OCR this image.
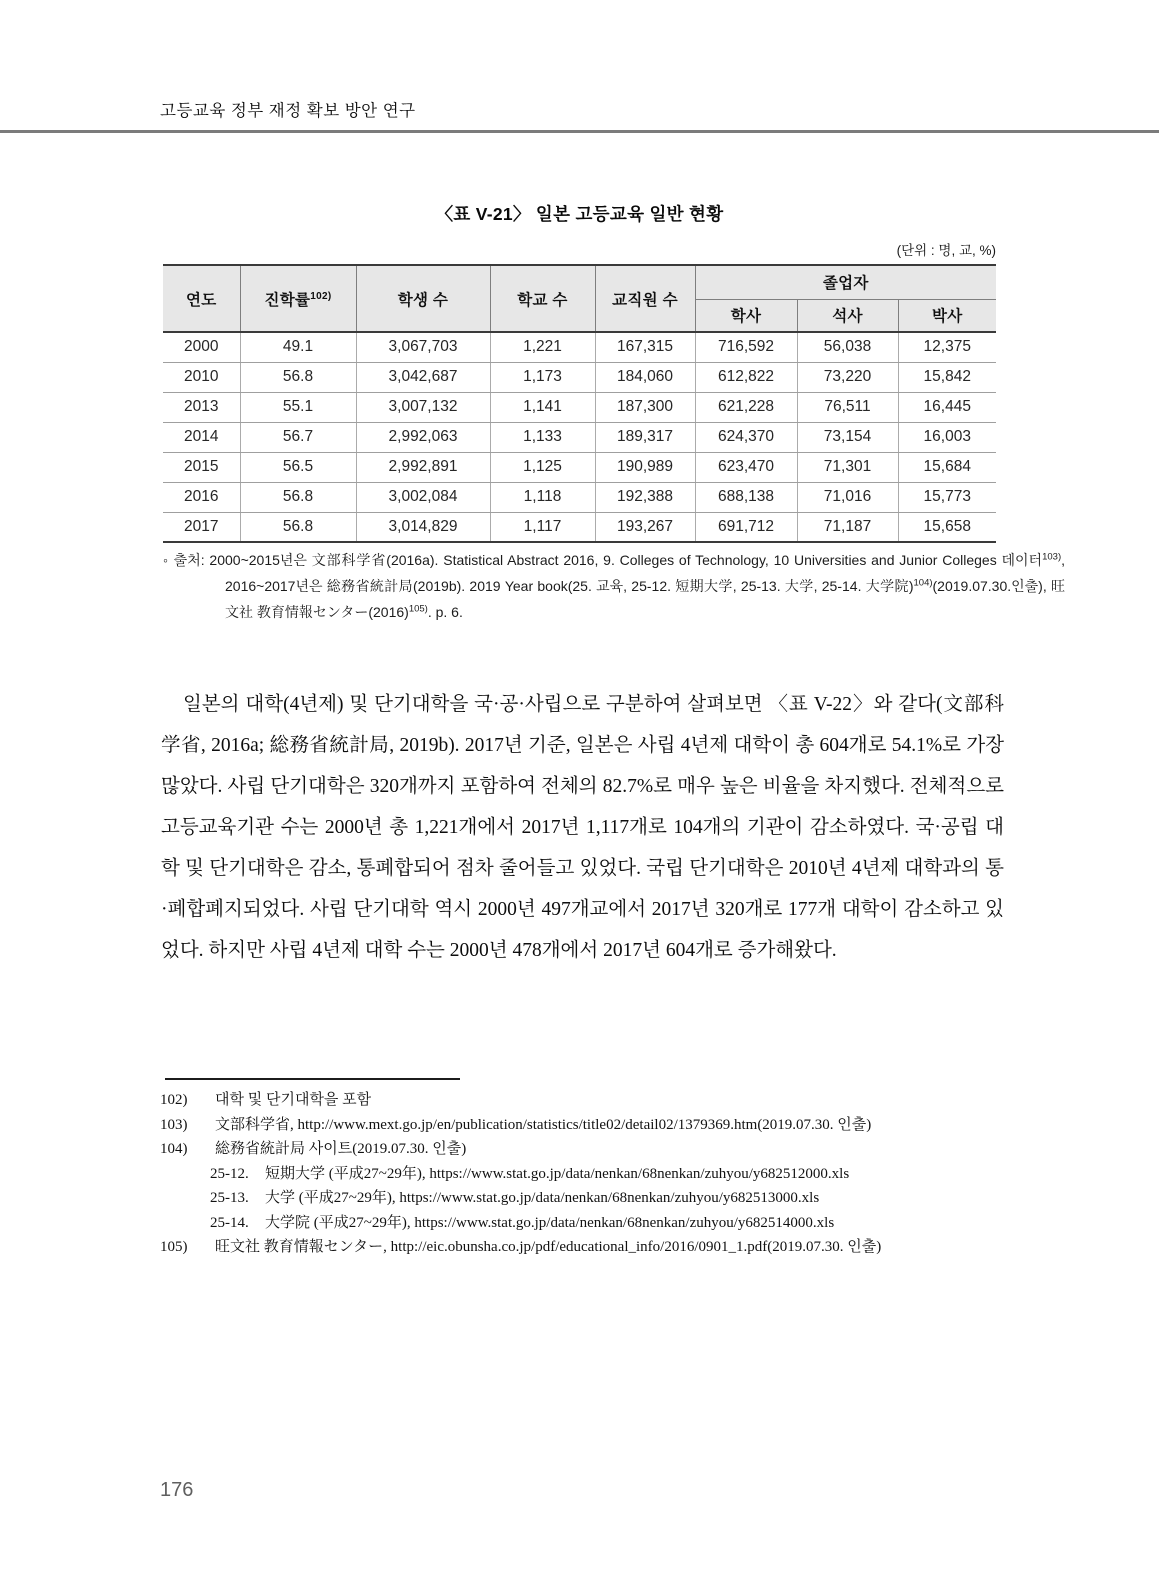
고등교육 정부 재정 확보 방안 연구
〈표 V-21〉 일본 고등교육 일반 현황
(단위 : 명, 교, %)
연도	진학률$^{102)}$	학생 수	학교 수	교직원 수	졸업자		
					학사	석사	박사
2000	49.1	3,067,703	1,221	167,315	716,592	56,038	12,375
2010	56.8	3,042,687	1,173	184,060	612,822	73,220	15,842
2013	55.1	3,007,132	1,141	187,300	621,228	76,511	16,445
2014	56.7	2,992,063	1,133	189,317	624,370	73,154	16,003
2015	56.5	2,992,891	1,125	190,989	623,470	71,301	15,684
2016	56.8	3,002,084	1,118	192,388	688,138	71,016	15,773
2017	56.8	3,014,829	1,117	193,267	691,712	71,187	15,658
◦ 출처: 2000~2015년은 文部科学省(2016a). Statistical Abstract 2016, 9. Colleges of Technology, 10 Universities and Junior Colleges 데이터$^{103)}$, 2016~2017년은 総務省統計局(2019b). 2019 Year book(25. 교육, 25-12. 短期大学, 25-13. 大学, 25-14. 大学院)$^{104)}$(2019.07.30.인출), 旺文社 教育情報センター$(2016)^{105)}$. p. 6.

일본의 대학(4년제) 및 단기대학을 국·공·사립으로 구분하여 살펴보면 〈표 V-22〉와 같다(文部科学省, 2016a; 総務省統計局, 2019b). 2017년 기준, 일본은 사립 4년제 대학이 총 604개로 54.1%로 가장 많았다. 사립 단기대학은 320개까지 포함하여 전체의 82.7%로 매우 높은 비율을 차지했다. 전체적으로 고등교육기관 수는 2000년 총 1,221개에서 2017년 1,117개로 104개의 기관이 감소하였다. 국·공립 대학 및 단기대학은 감소, 통폐합되어 점차 줄어들고 있었다. 국립 단기대학은 2010년 4년제 대학과의 통·폐합폐지되었다. 사립 단기대학 역시 2000년 497개교에서 2017년 320개로 177개 대학이 감소하고 있었다. 하지만 사립 4년제 대학 수는 2000년 478개에서 2017년 604개로 증가해왔다.

102)	대학 및 단기대학을 포함
103)	文部科学省, http://www.mext.go.jp/en/publication/statistics/title02/detail02/1379369.htm(2019.07.30. 인출)
104)	総務省統計局 사이트(2019.07.30. 인출)
25-12.	短期大学 (平成27~29年), https://www.stat.go.jp/data/nenkan/68nenkan/zuhyou/y682512000.xls
25-13.	大学 (平成27~29年), https://www.stat.go.jp/data/nenkan/68nenkan/zuhyou/y682513000.xls
25-14.	大学院 (平成27~29年), https://www.stat.go.jp/data/nenkan/68nenkan/zuhyou/y682514000.xls
105)	旺文社 教育情報センター, http://eic.obunsha.co.jp/pdf/educational_info/2016/0901_1.pdf(2019.07.30. 인출)
176
